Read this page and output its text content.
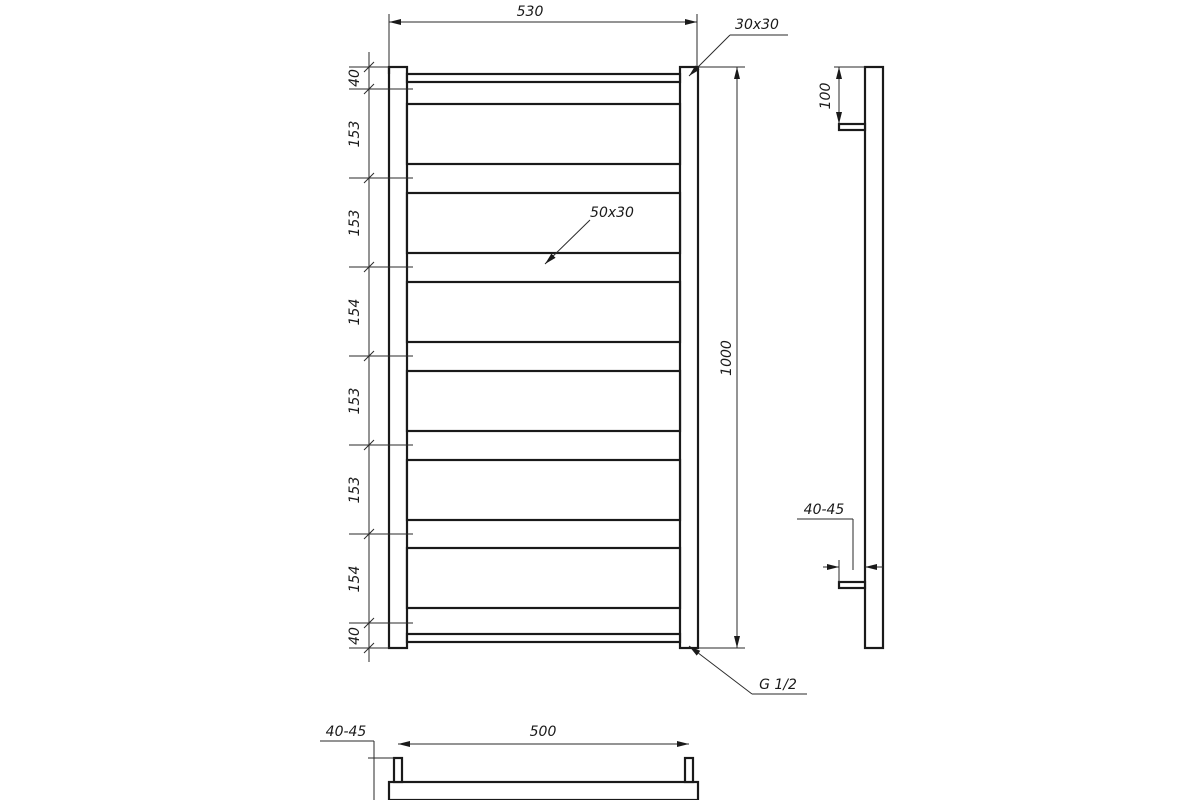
530
30x30
50x30
1000
G 1/2
40
153
153
154
153
153
154
40
100
40-45
500
40-45
